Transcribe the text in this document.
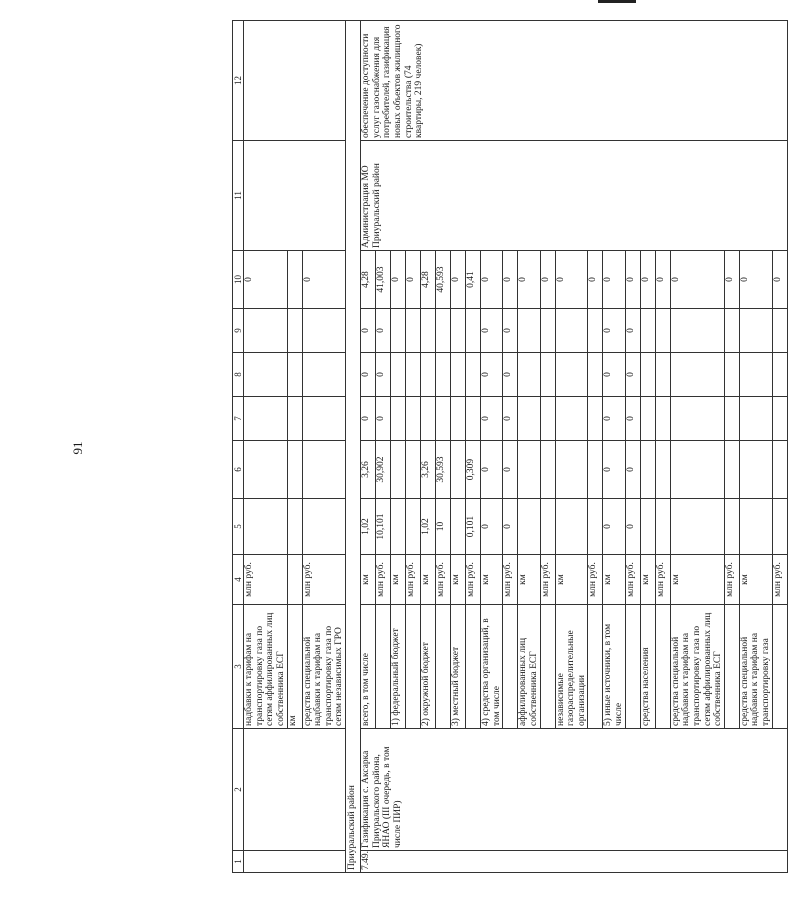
91
1	2	3	4	5	6	7	8	9	10	11	12
		надбавки к тарифам на транспортировку газа по сетям аффилированных лиц собственника ЕСГ	млн руб.						0		
		км									
		средства специальной надбавки к тарифам на транспортировку газа по сетям независимых ГРО	млн руб.						0		
Приуральский район											
7.49.	Газификация с. Аксарка Приуральского района, ЯНАО (III очередь, в том числе ПИР)	всего, в том числе	км	1,02	3,26	0	0	0	4,28	Администрация МО Приуральский район	обеспечение доступности услуг газоснабжения для потребителей, газификация новых объектов жилищного строительства (74 квартиры, 219 человек)
			млн руб.	10,101	30,902	0	0	0	41,003		
		1) федеральный бюджет	км						0		
			млн руб.						0		
		2) окружной бюджет	км	1,02	3,26				4,28		
			млн руб.	10	30,593				40,593		
		3) местный бюджет	км						0		
			млн руб.	0,101	0,309				0,41		
		4) средства организаций, в том числе	км	0	0	0	0	0	0		
			млн руб.	0	0	0	0	0	0		
		аффилированных лиц собственника ЕСГ	км						0		
			млн руб.						0		
		независимые газораспределительные организации	км						0		
			млн руб.						0		
		5) иные источники, в том числе	км	0	0	0	0	0	0		
			млн руб.	0	0	0	0	0	0		
		средства населения	км						0		
			млн руб.						0		
		средства специальной надбавки к тарифам на транспортировку газа по сетям аффилированных лиц собственника ЕСГ	км						0		
			млн руб.						0		
		средства специальной надбавки к тарифам на транспортировку газа	км						0		
			млн руб.						0		
